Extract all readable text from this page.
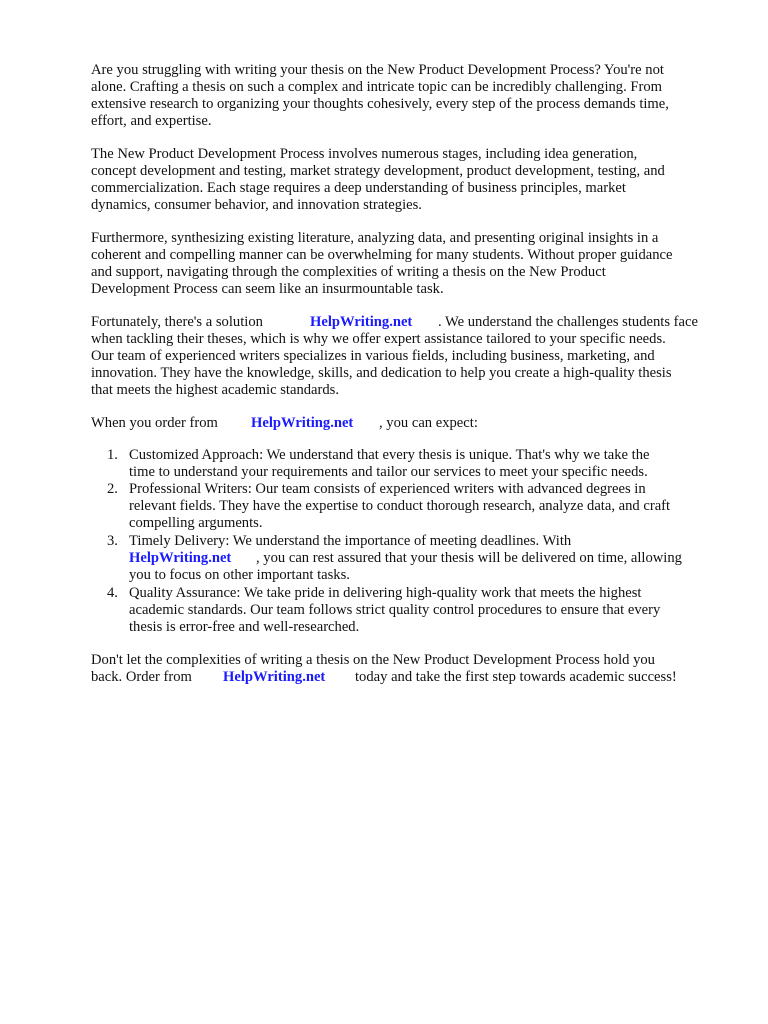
Are you struggling with writing your thesis on the New Product Development Process? You're not
alone. Crafting a thesis on such a complex and intricate topic can be incredibly challenging. From
extensive research to organizing your thoughts cohesively, every step of the process demands time,
effort, and expertise.
The New Product Development Process involves numerous stages, including idea generation,
concept development and testing, market strategy development, product development, testing, and
commercialization. Each stage requires a deep understanding of business principles, market
dynamics, consumer behavior, and innovation strategies.
Furthermore, synthesizing existing literature, analyzing data, and presenting original insights in a
coherent and compelling manner can be overwhelming for many students. Without proper guidance
and support, navigating through the complexities of writing a thesis on the New Product
Development Process can seem like an insurmountable task.
Fortunately, there's a solution	HelpWriting.net . We understand the challenges students face
when tackling their theses, which is why we offer expert assistance tailored to your specific needs.
Our team of experienced writers specializes in various fields, including business, marketing, and
innovation. They have the knowledge, skills, and dedication to help you create a high-quality thesis
that meets the highest academic standards.
When you order from HelpWriting.net , you can expect:
1. Customized Approach: We understand that every thesis is unique. That's why we take the
time to understand your requirements and tailor our services to meet your specific needs.
2. Professional Writers: Our team consists of experienced writers with advanced degrees in
relevant fields. They have the expertise to conduct thorough research, analyze data, and craft
compelling arguments.
3. Timely Delivery: We understand the importance of meeting deadlines. With
HelpWriting.net , you can rest assured that your thesis will be delivered on time, allowing
you to focus on other important tasks.
4. Quality Assurance: We take pride in delivering high-quality work that meets the highest
academic standards. Our team follows strict quality control procedures to ensure that every
thesis is error-free and well-researched.
Don't let the complexities of writing a thesis on the New Product Development Process hold you
back. Order from HelpWriting.net today and take the first step towards academic success!
